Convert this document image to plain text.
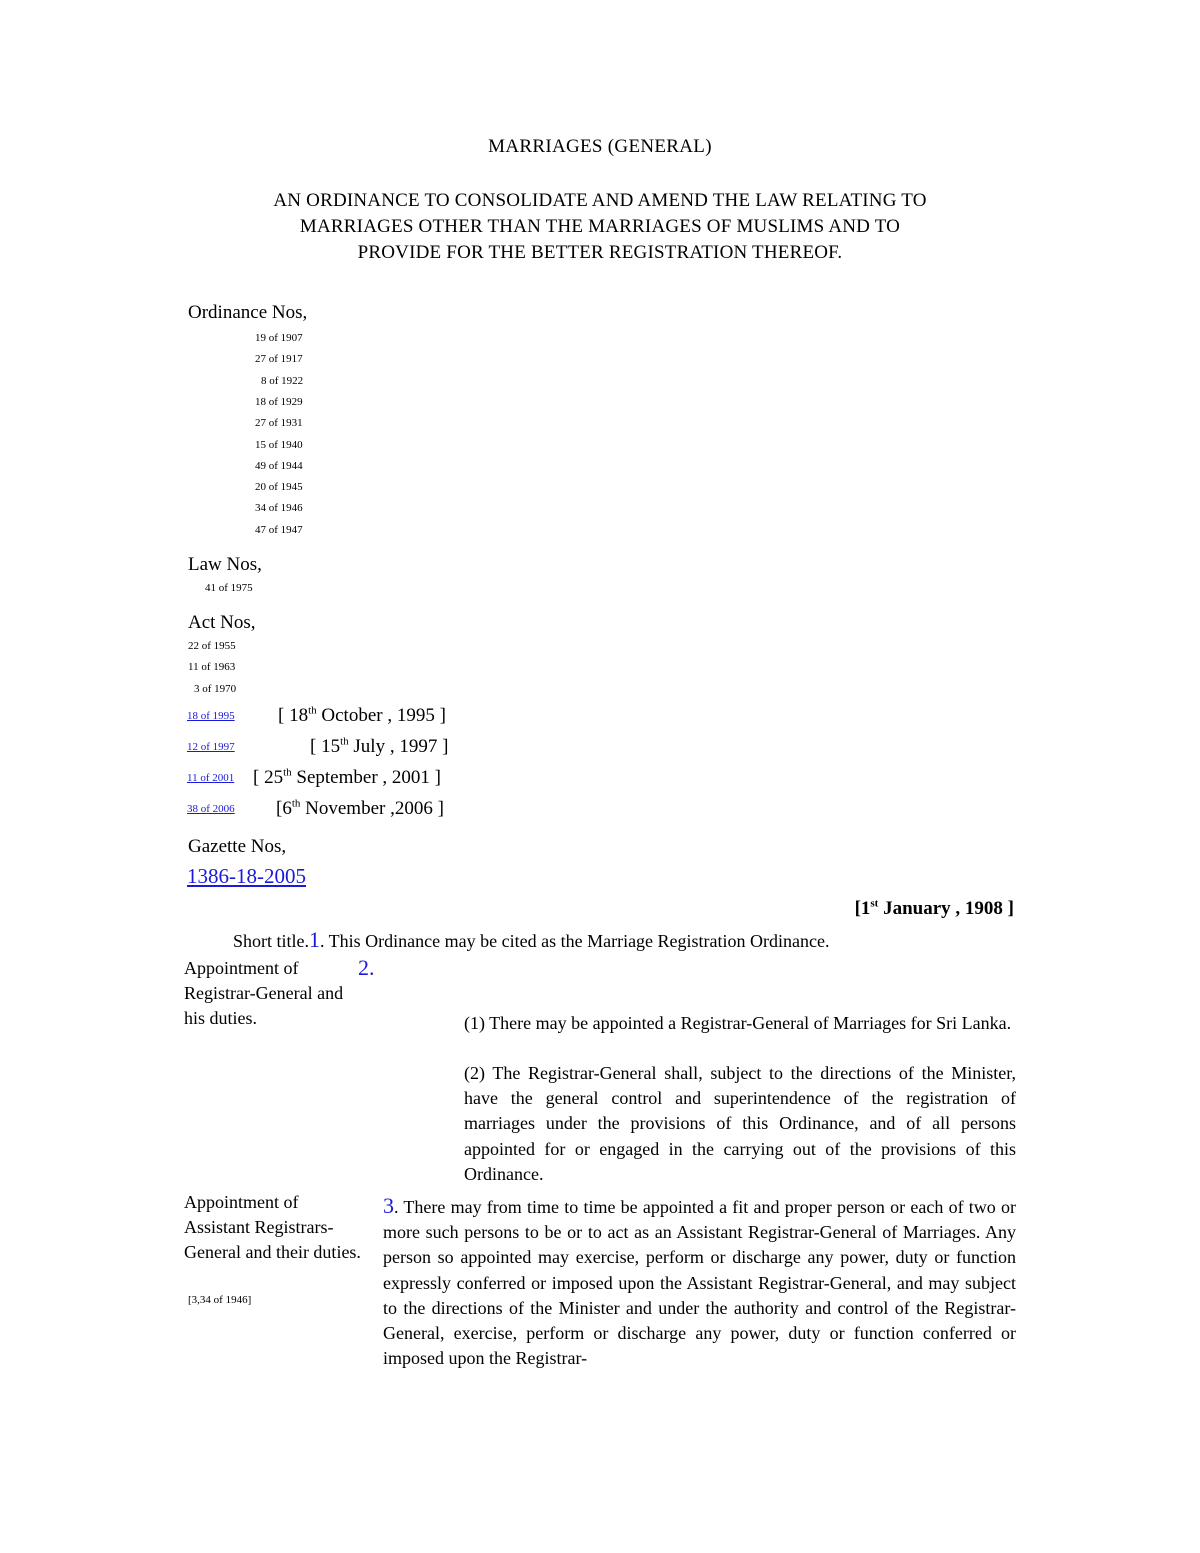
MARRIAGES (GENERAL)
AN ORDINANCE TO CONSOLIDATE AND AMEND THE LAW RELATING TO MARRIAGES OTHER THAN THE MARRIAGES OF MUSLIMS AND TO PROVIDE FOR THE BETTER REGISTRATION THEREOF.
Ordinance Nos,
19 of 1907
27 of 1917
8 of 1922
18 of 1929
27 of 1931
15 of 1940
49 of 1944
20 of 1945
34 of 1946
47 of 1947
Law Nos,
41 of 1975
Act Nos,
22 of 1955
11 of 1963
3 of 1970
18 of 1995 [ 18th October , 1995 ]
12 of 1997	[ 15th July , 1997 ]
11 of 2001 [ 25th September , 2001 ]
38 of 2006 [6th November ,2006 ]
Gazette Nos,
1386-18-2005
[1st January , 1908 ]
Short title.1. This Ordinance may be cited as the Marriage Registration Ordinance.
Appointment of Registrar-General and his duties.
2.
(1) There may be appointed a Registrar-General of Marriages for Sri Lanka.
(2) The Registrar-General shall, subject to the directions of the Minister, have the general control and superintendence of the registration of marriages under the provisions of this Ordinance, and of all persons appointed for or engaged in the carrying out of the provisions of this Ordinance.
Appointment of Assistant Registrars-General and their duties.
[3,34 of 1946]
3. There may from time to time be appointed a fit and proper person or each of two or more such persons to be or to act as an Assistant Registrar-General of Marriages. Any person so appointed may exercise, perform or discharge any power, duty or function expressly conferred or imposed upon the Assistant Registrar-General, and may subject to the directions of the Minister and under the authority and control of the Registrar-General, exercise, perform or discharge any power, duty or function conferred or imposed upon the Registrar-
